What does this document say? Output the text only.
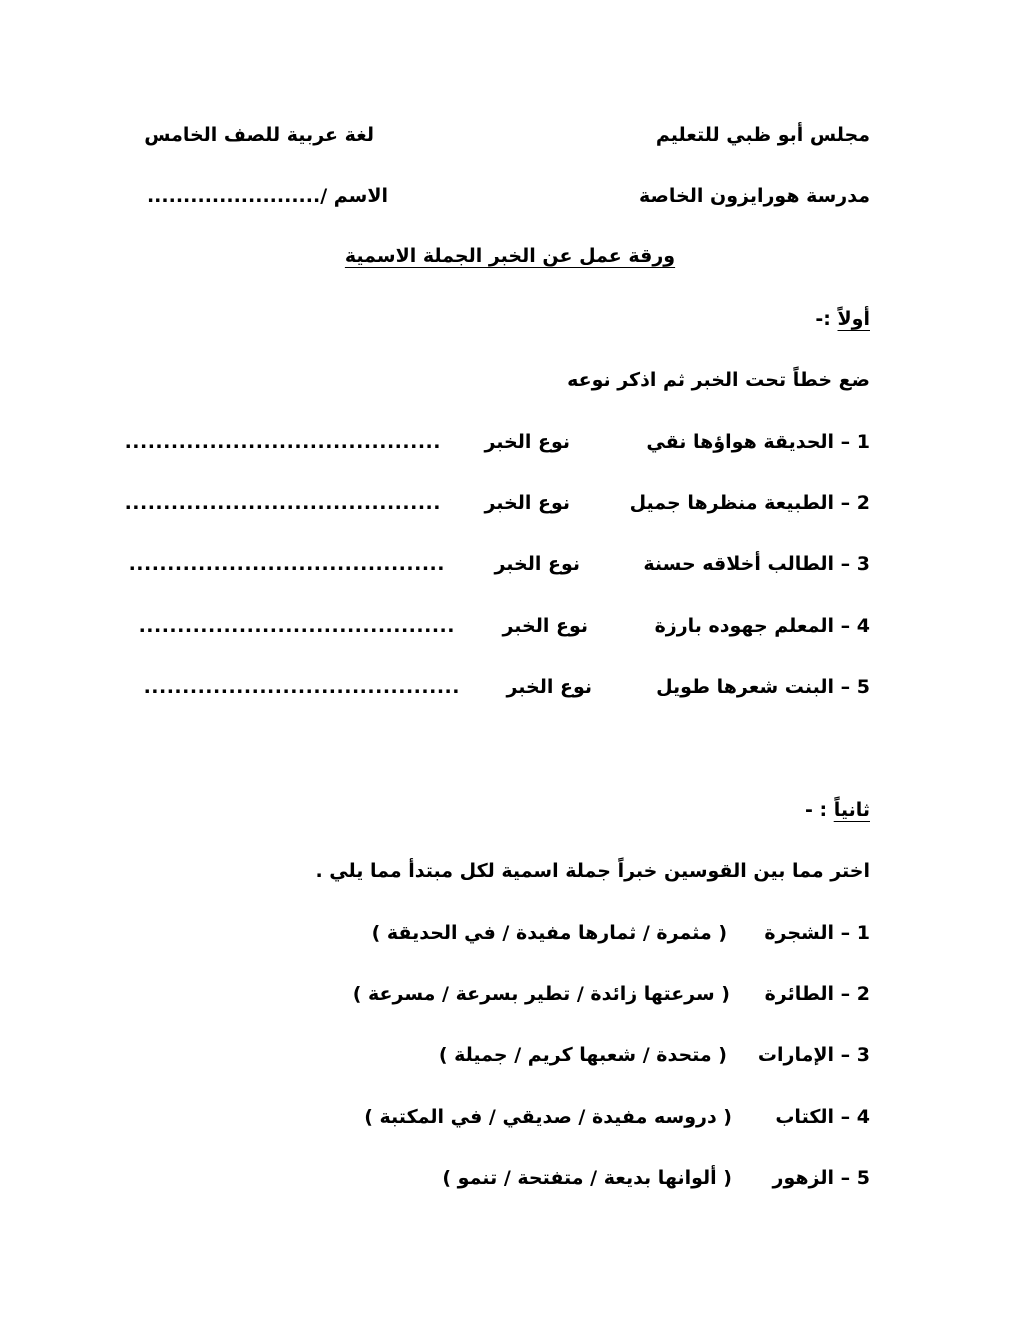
مجلس أبو ظبي للتعليم
لغة عربية للصف الخامس
مدرسة هورايزون الخاصة
الاسم /........................
ورقة عمل عن الخبر الجملة الاسمية
أولاً :-
ضع خطاً تحت الخبر ثم اذكر نوعه
1 – الحديقة هواؤها نقي
نوع الخبر
.........................................
2 – الطبيعة منظرها جميل
نوع الخبر
.........................................
3 – الطالب أخلاقه حسنة
نوع الخبر
.........................................
4 – المعلم جهوده بارزة
نوع الخبر
.........................................
5 – البنت شعرها طويل
نوع الخبر
.........................................
ثانياً : -
اختر مما بين القوسين خبراً جملة اسمية لكل مبتدأ مما يلي .
1 – الشجرة
( مثمرة / ثمارها مفيدة / في الحديقة )
2 – الطائرة
( سرعتها زائدة / تطير بسرعة / مسرعة )
3 – الإمارات
( متحدة / شعبها كريم / جميلة )
4 – الكتاب
( دروسه مفيدة / صديقي / في المكتبة )
5 – الزهور
( ألوانها بديعة / متفتحة / تنمو )
